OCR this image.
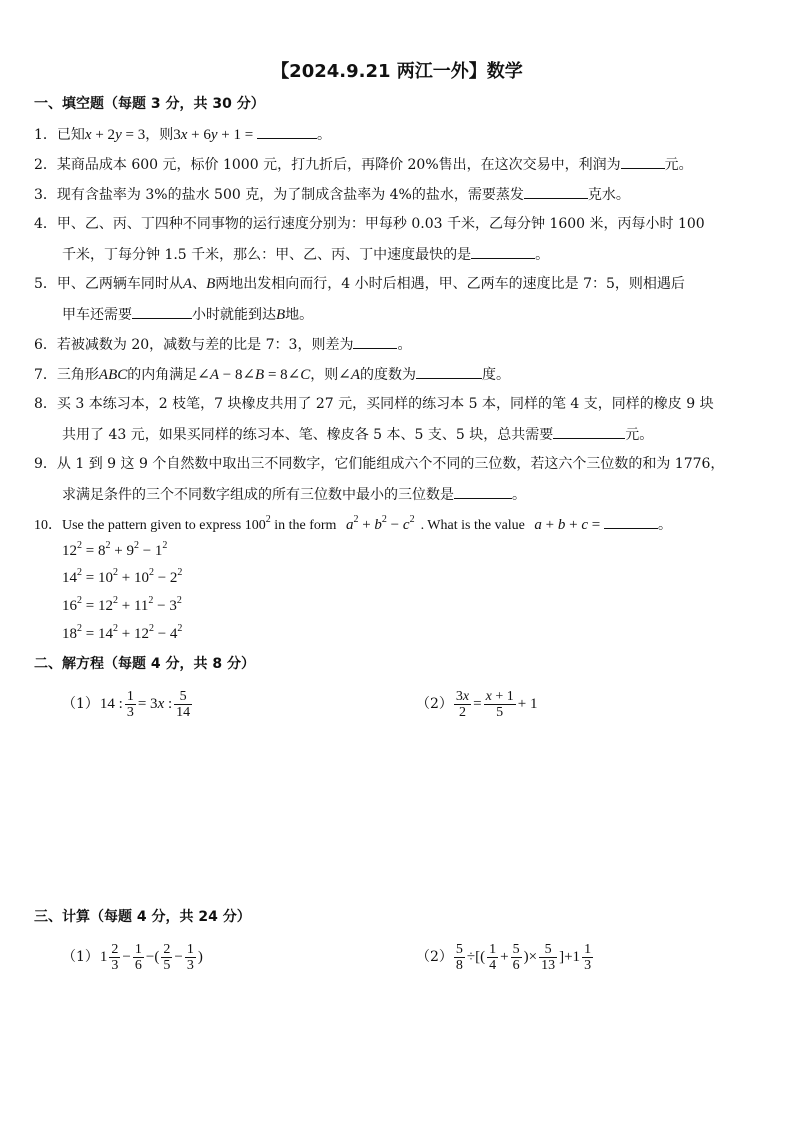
【2024.9.21 两江一外】数学
一、填空题（每题 3 分，共 30 分）
1．已知x + 2y = 3，则3x + 6y + 1 =	。
2．某商品成本 600 元，标价 1000 元，打九折后，再降价 20%售出，在这次交易中，利润为	元。
3．现有含盐率为 3%的盐水 500 克，为了制成含盐率为 4%的盐水，需要蒸发	克水。
4．甲、乙、丙、丁四种不同事物的运行速度分别为：甲每秒 0.03 千米，乙每分钟 1600 米，丙每小时 100
千米，丁每分钟 1.5 千米，那么：甲、乙、丙、丁中速度最快的是	。
5．甲、乙两辆车同时从A、B两地出发相向而行，4 小时后相遇，甲、乙两车的速度比是 7：5，则相遇后
甲车还需要	小时就能到达B地。
6．若被减数为 20，减数与差的比是 7：3，则差为	。
7．三角形ABC的内角满足∠A − 8∠B = 8∠C，则∠A的度数为	度。
8．买 3 本练习本，2 枝笔，7 块橡皮共用了 27 元，买同样的练习本 5 本，同样的笔 4 支，同样的橡皮 9 块
共用了 43 元，如果买同样的练习本、笔、橡皮各 5 本、5 支、5 块，总共需要	元。
9．从 1 到 9 这 9 个自然数中取出三不同数字，它们能组成六个不同的三位数，若这六个三位数的和为 1776，
求满足条件的三个不同数字组成的所有三位数中最小的三位数是	。
10．Use the pattern given to express $100^2$ in the form $a^2 + b^2 - c^2$ . What is the value a + b + c =	。
$12^2 = 8^2 + 9^2 - 1^2$
$14^2 = 10^2 + 10^2 - 2^2$
$16^2 = 12^2 + 11^2 - 3^2$
$18^2 = 14^2 + 12^2 - 4^2$
二、解方程（每题 4 分，共 8 分）
（1） 14 : $\frac{1}{3} = 3x$ : $\frac{5}{14}$	$(2) \frac{3x}{2} = \frac{x + 1}{5} + 1$
三、计算（每题 4 分，共 24 分）
（1） $1 \frac{2}{3} - \frac{1}{6}$ −( $\frac{2}{5} - \frac{1}{3}$ )	$(2) \frac{5}{8}$ ÷[( $\frac{1}{4} + \frac{5}{6}$ )× $\frac{5}{13} ]+1 \frac{1}{3}$
